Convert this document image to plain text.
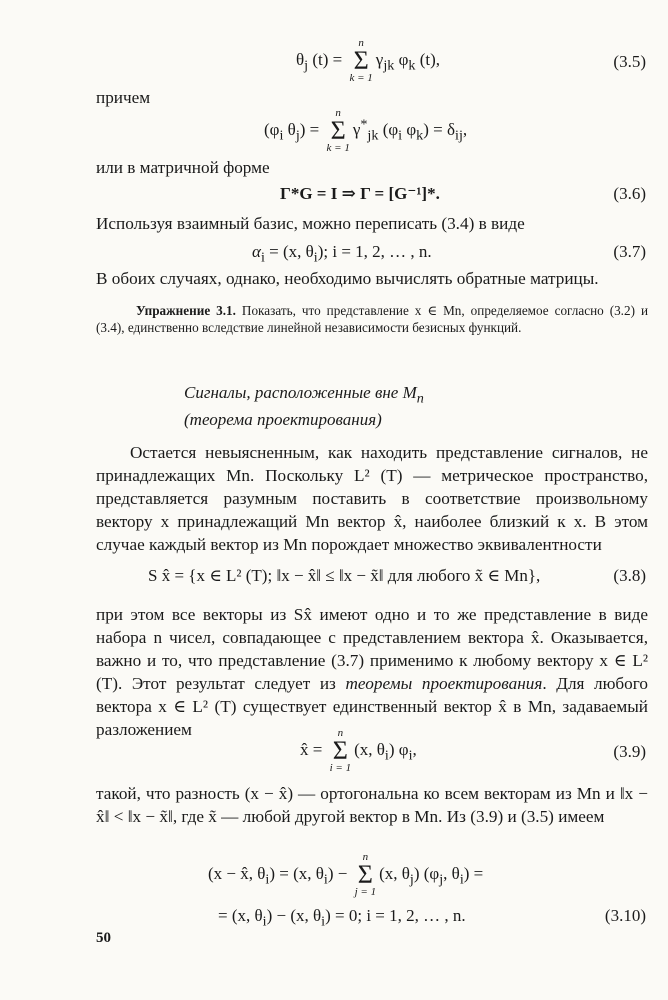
$\theta_j$ (t) =
n
Σ
k = 1
$\gamma_{jk}$ $\varphi_k$ (t),	(3.5)
причем
($\varphi_i$ $\theta_j$) =
n
Σ
k = 1
$\gamma^*_{jk}$ ($\varphi_i$ $\varphi_k) = \delta_{ij}$,
или в матричной форме
Γ*G = I ⇒ Γ = [G⁻¹]*.	(3.6)
Используя взаимный базис, можно переписать (3.4) в виде
$\alpha_i = (x$, $\theta_i$); i = 1, 2, … , n.	(3.7)
В обоих случаях, однако, необходимо вычислять обратные матрицы.
Упражнение 3.1. Показать, что представление x ∈ Mn, определяемое согласно (3.2) и (3.4), единственно вследствие линейной независимости безисных функций.
Сигналы, расположенные вне $M_n$
(теорема проектирования)
Остается невыясненным, как находить представление сигналов, не принадлежащих Mn. Поскольку L² (T) — метрическое пространство, представляется разумным поставить в соответствие произвольному вектору x принадлежащий Mn вектор x̂, наиболее близкий к x. В этом случае каждый вектор из Mn порождает множество эквивалентности
S x̂ = {x ∈ L² (T); ‖x − x̂‖ ≤ ‖x − x̃‖ для любого x̃ ∈ Mn},	(3.8)
при этом все векторы из Sx̂ имеют одно и то же представление в виде набора n чисел, совпадающее с представлением вектора x̂. Оказывается, важно и то, что представление (3.7) применимо к любому вектору x ∈ L² (T). Этот результат следует из теоремы проектирования. Для любого вектора x ∈ L² (T) существует единственный вектор x̂ в Mn, задаваемый разложением
x̂ =
n
Σ
i = 1
(x, $\theta_i$) $\varphi_i$,	(3.9)
такой, что разность (x − x̂) — ортогональна ко всем векторам из Mn и ‖x − x̂‖ < ‖x − x̃‖, где x̃ — любой другой вектор в Mn. Из (3.9) и (3.5) имеем
(x − x̂, $\theta_i) = (x$, $\theta_i$) −
n
Σ
j = 1
(x, $\theta_j$) ($\varphi_j$, $\theta_i$) =
= (x, $\theta_i) - (x$, $\theta_i) = 0$; i = 1, 2, … , n.	(3.10)
50
